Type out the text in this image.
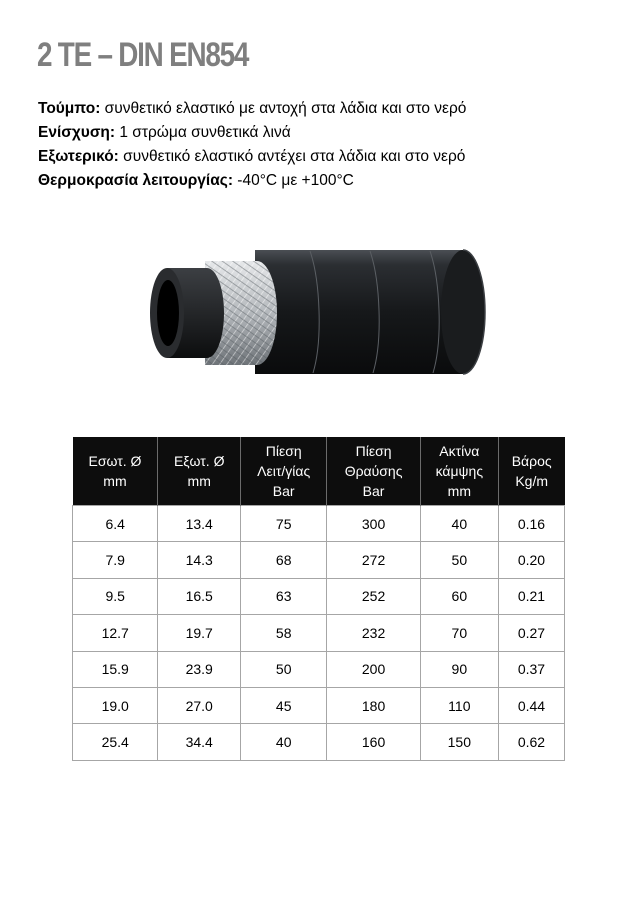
2 TE – DIN EN854
Τούμπο: συνθετικό ελαστικό με αντοχή στα λάδια και στο νερό
Ενίσχυση: 1 στρώμα συνθετικά λινά
Εξωτερικό: συνθετικό ελαστικό αντέχει στα λάδια και στο νερό
Θερμοκρασία λειτουργίας: -40°C με +100°C
Εσωτ. Ø
mm	Εξωτ. Ø
mm	Πίεση
Λειτ/γίας
Bar	Πίεση
Θραύσης
Bar	Ακτίνα
κάμψης
mm	Βάρος
Kg/m
6.4	13.4	75	300	40	0.16
7.9	14.3	68	272	50	0.20
9.5	16.5	63	252	60	0.21
12.7	19.7	58	232	70	0.27
15.9	23.9	50	200	90	0.37
19.0	27.0	45	180	110	0.44
25.4	34.4	40	160	150	0.62
